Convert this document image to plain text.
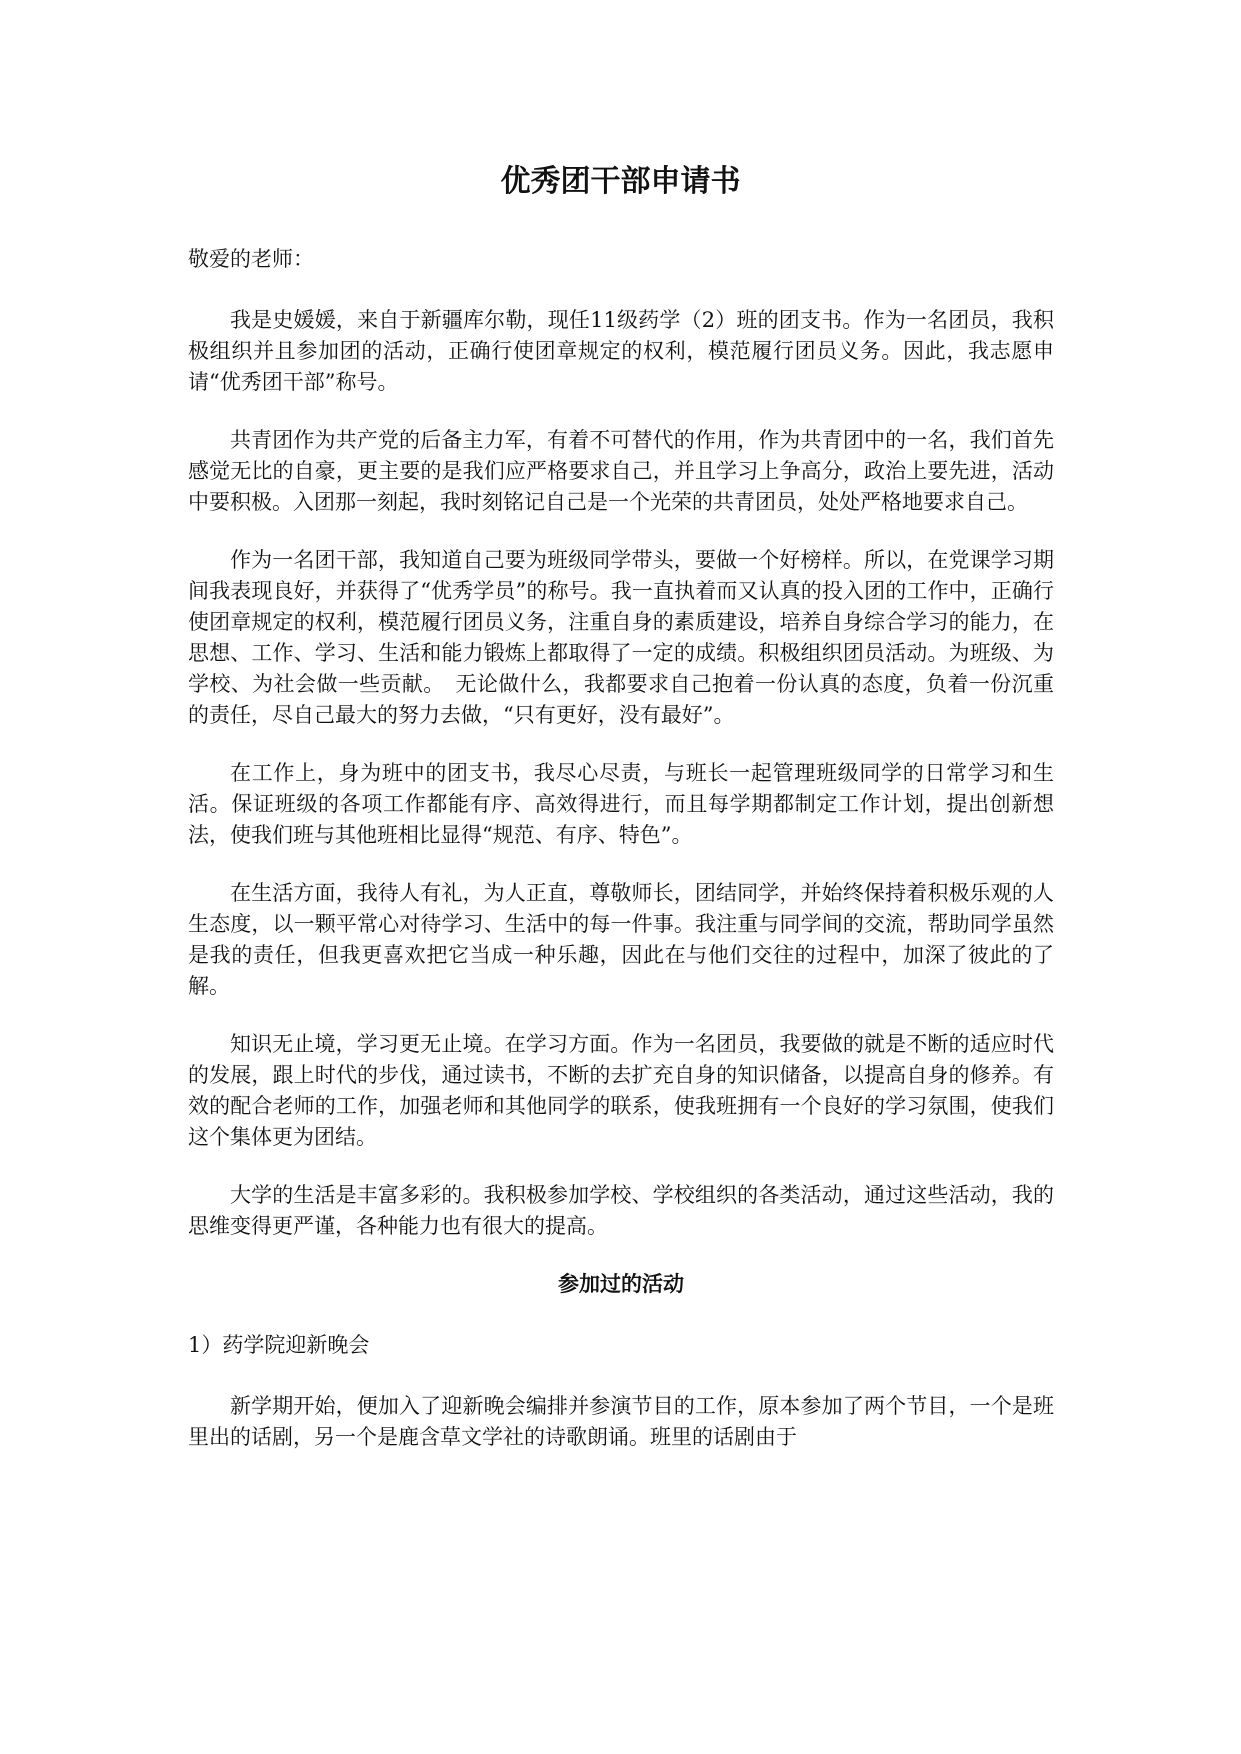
优秀团干部申请书

敬爱的老师：

我是史媛媛，来自于新疆库尔勒，现任11级药学（2）班的团支书。作为一名团员，我积极组织并且参加团的活动，正确行使团章规定的权利，模范履行团员义务。因此，我志愿申请“优秀团干部”称号。

共青团作为共产党的后备主力军，有着不可替代的作用，作为共青团中的一名，我们首先感觉无比的自豪，更主要的是我们应严格要求自己，并且学习上争高分，政治上要先进，活动中要积极。入团那一刻起，我时刻铭记自己是一个光荣的共青团员，处处严格地要求自己。

作为一名团干部，我知道自己要为班级同学带头，要做一个好榜样。所以，在党课学习期间我表现良好，并获得了“优秀学员”的称号。我一直执着而又认真的投入团的工作中，正确行使团章规定的权利，模范履行团员义务，注重自身的素质建设，培养自身综合学习的能力，在思想、工作、学习、生活和能力锻炼上都取得了一定的成绩。积极组织团员活动。为班级、为学校、为社会做一些贡献。　无论做什么，我都要求自己抱着一份认真的态度，负着一份沉重的责任，尽自己最大的努力去做，“只有更好，没有最好”。

在工作上，身为班中的团支书，我尽心尽责，与班长一起管理班级同学的日常学习和生活。保证班级的各项工作都能有序、高效得进行，而且每学期都制定工作计划，提出创新想法，使我们班与其他班相比显得“规范、有序、特色”。

在生活方面，我待人有礼，为人正直，尊敬师长，团结同学，并始终保持着积极乐观的人生态度，以一颗平常心对待学习、生活中的每一件事。我注重与同学间的交流，帮助同学虽然是我的责任，但我更喜欢把它当成一种乐趣，因此在与他们交往的过程中，加深了彼此的了解。

知识无止境，学习更无止境。在学习方面。作为一名团员，我要做的就是不断的适应时代的发展，跟上时代的步伐，通过读书，不断的去扩充自身的知识储备，以提高自身的修养。有效的配合老师的工作，加强老师和其他同学的联系，使我班拥有一个良好的学习氛围，使我们这个集体更为团结。

大学的生活是丰富多彩的。我积极参加学校、学校组织的各类活动，通过这些活动，我的思维变得更严谨，各种能力也有很大的提高。

参加过的活动

1）药学院迎新晚会

新学期开始，便加入了迎新晚会编排并参演节目的工作，原本参加了两个节目，一个是班里出的话剧，另一个是鹿含草文学社的诗歌朗诵。班里的话剧由于
